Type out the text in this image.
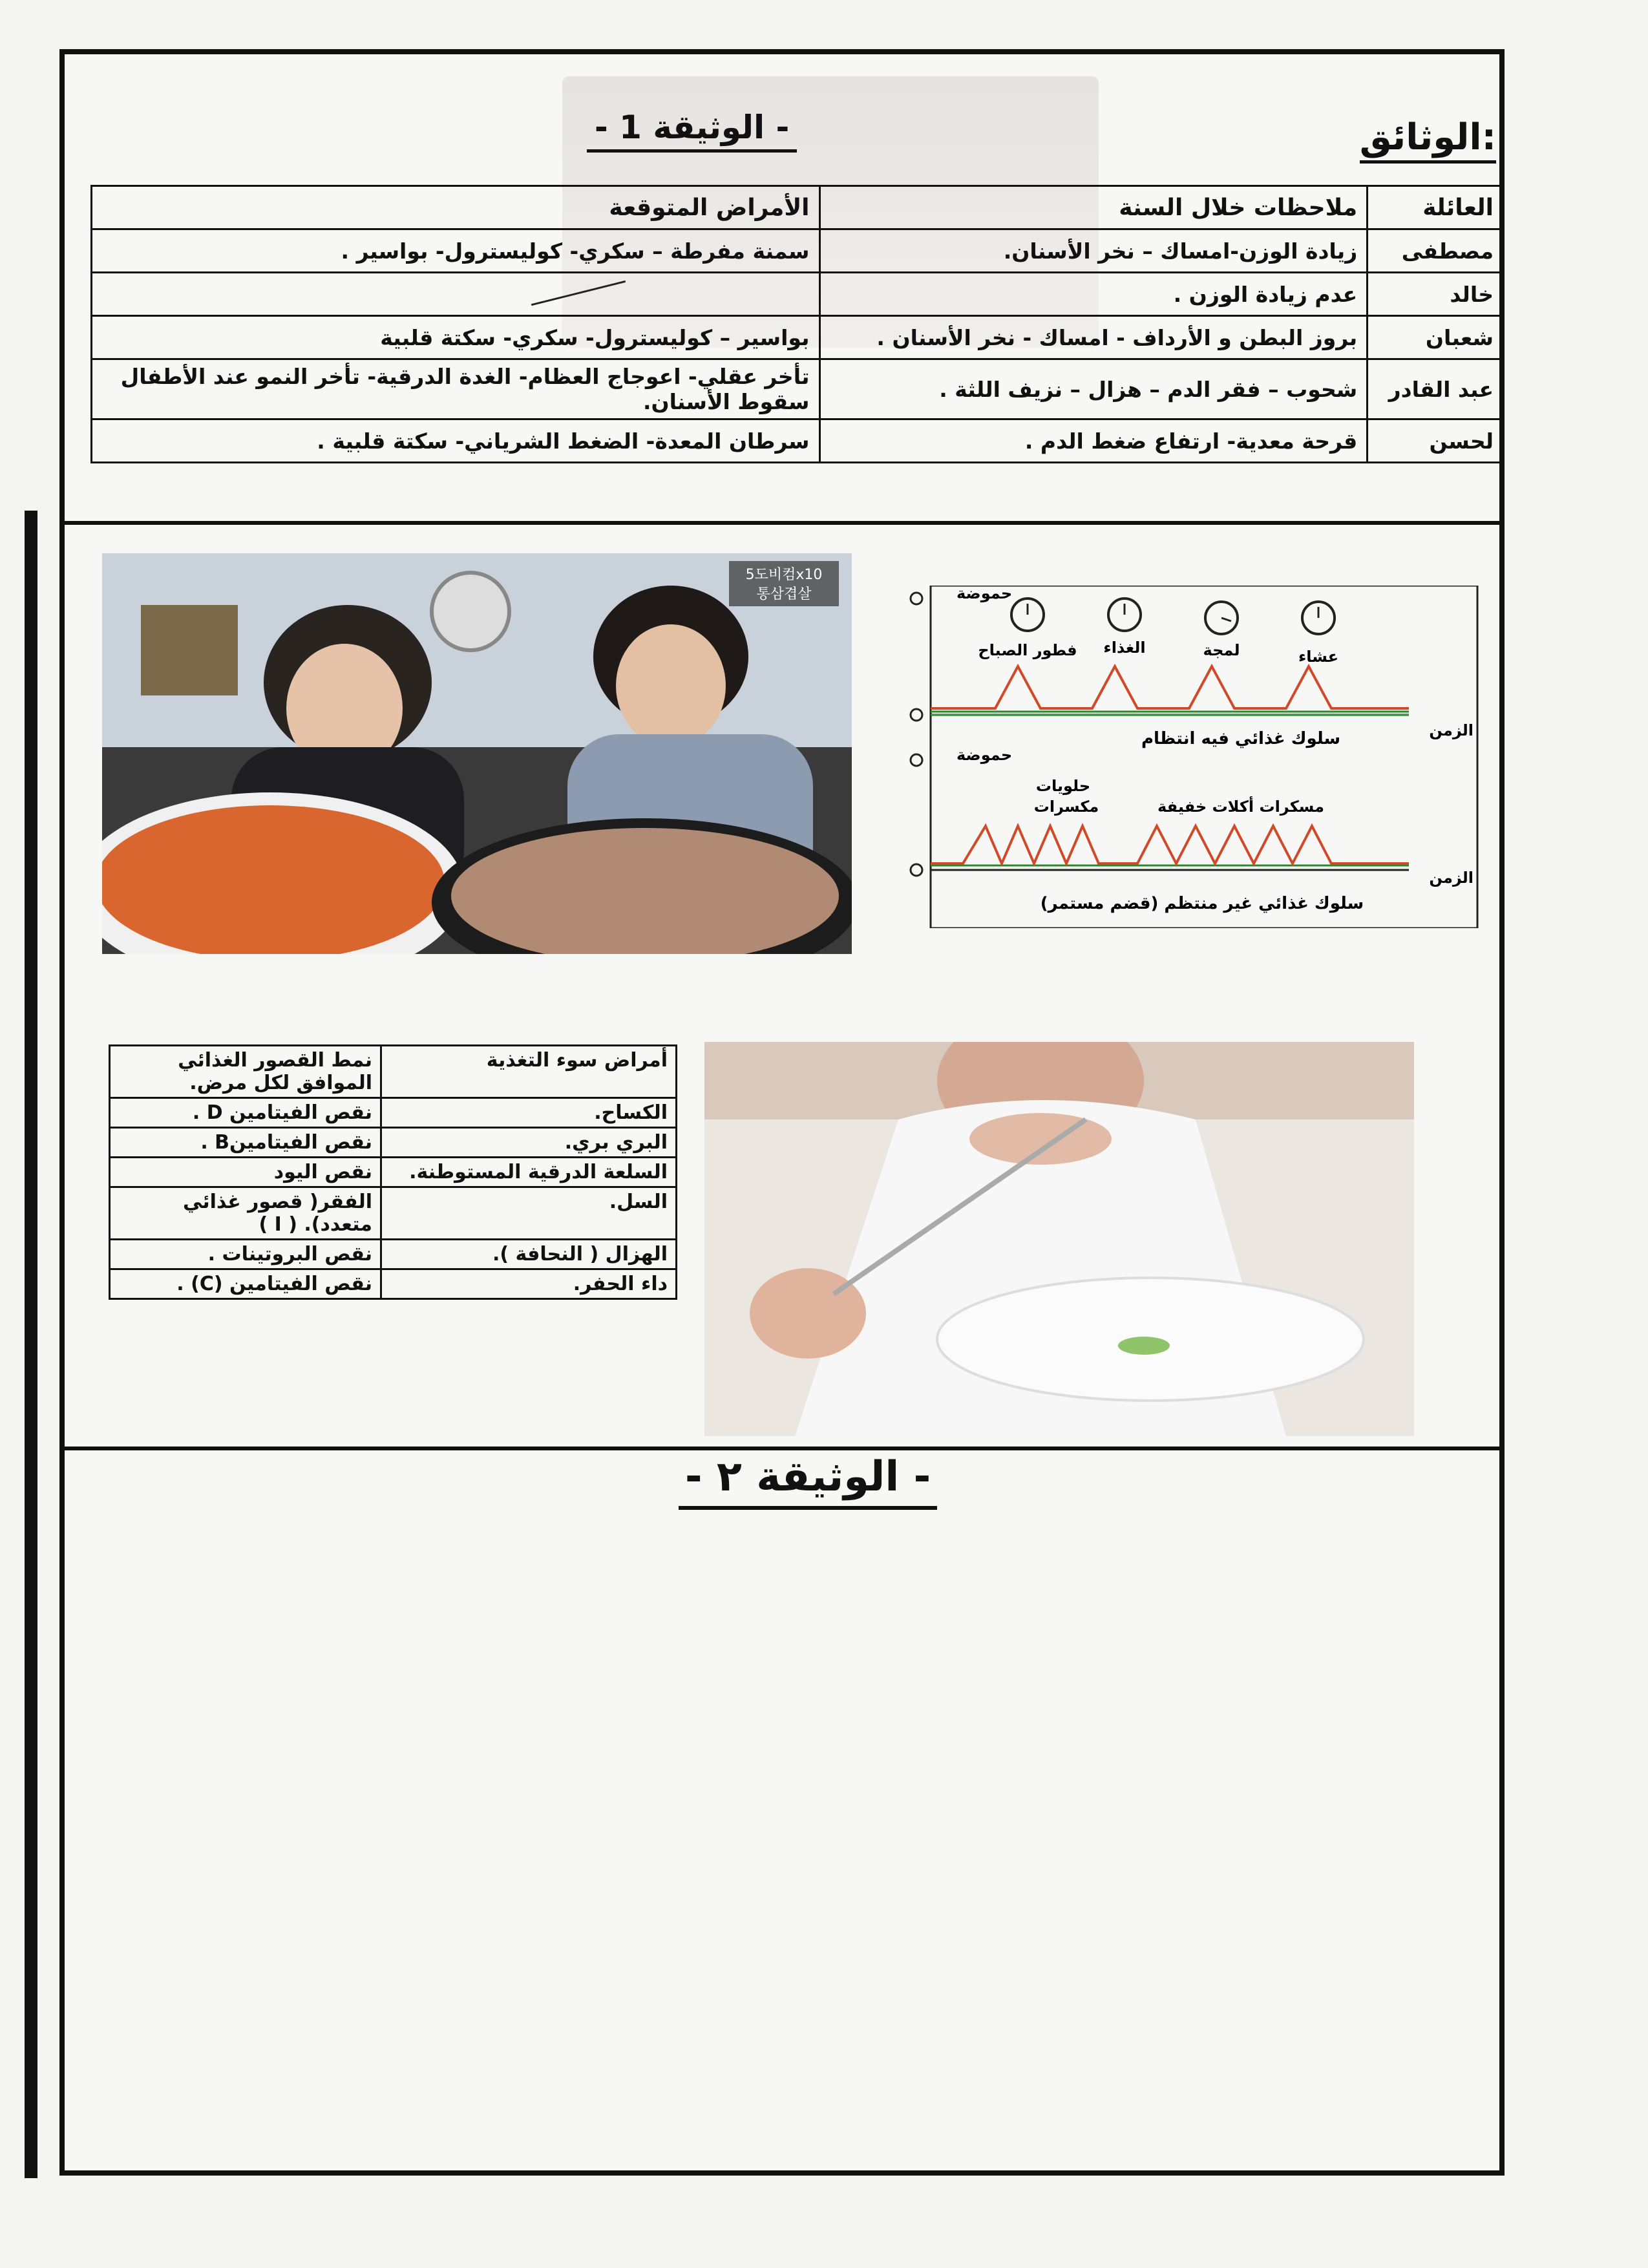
الوثائق:
- الوثيقة 1 -
العائلة	ملاحظات خلال السنة	الأمراض المتوقعة
مصطفى	زيادة الوزن-امساك – نخر الأسنان.	سمنة مفرطة – سكري- كوليسترول- بواسير .
خالد	عدم زيادة الوزن .	
شعبان	بروز البطن و الأرداف - امساك - نخر الأسنان .	بواسير – كوليسترول- سكري- سكتة قلبية
عبد القادر	شحوب – فقر الدم – هزال – نزيف اللثة .	تأخر عقلي- اعوجاج العظام- الغدة الدرقية- تأخر النمو عند الأطفال سقوط الأسنان.
لحسن	قرحة معدية- ارتفاع ضغط الدم .	سرطان المعدة- الضغط الشرياني- سكتة قلبية .
5도비컴x10
통삼겹살	حموضة
الزمن
سلوك غذائي فيه انتظام
عشاء
لمجة
الغذاء
فطور الصباح
حموضة
الزمن
سلوك غذائي غير منتظم (قضم مستمر)
حلويات
مكسرات	مسكرات أكلات خفيفة
أمراض سوء التغذية	نمط القصور الغذائي الموافق لكل مرض.
الكساح.	نقص الفيتامين D .
البري بري.	نقص الفيتامينB .
السلعة الدرقية المستوطنة.	نقص اليود
السل.	الفقر( قصور غذائي متعدد). ( I )
الهزال ( النحافة ).	نقص البروتينات .
داء الحفر.	نقص الفيتامين (C) .
- الوثيقة ٢ -
